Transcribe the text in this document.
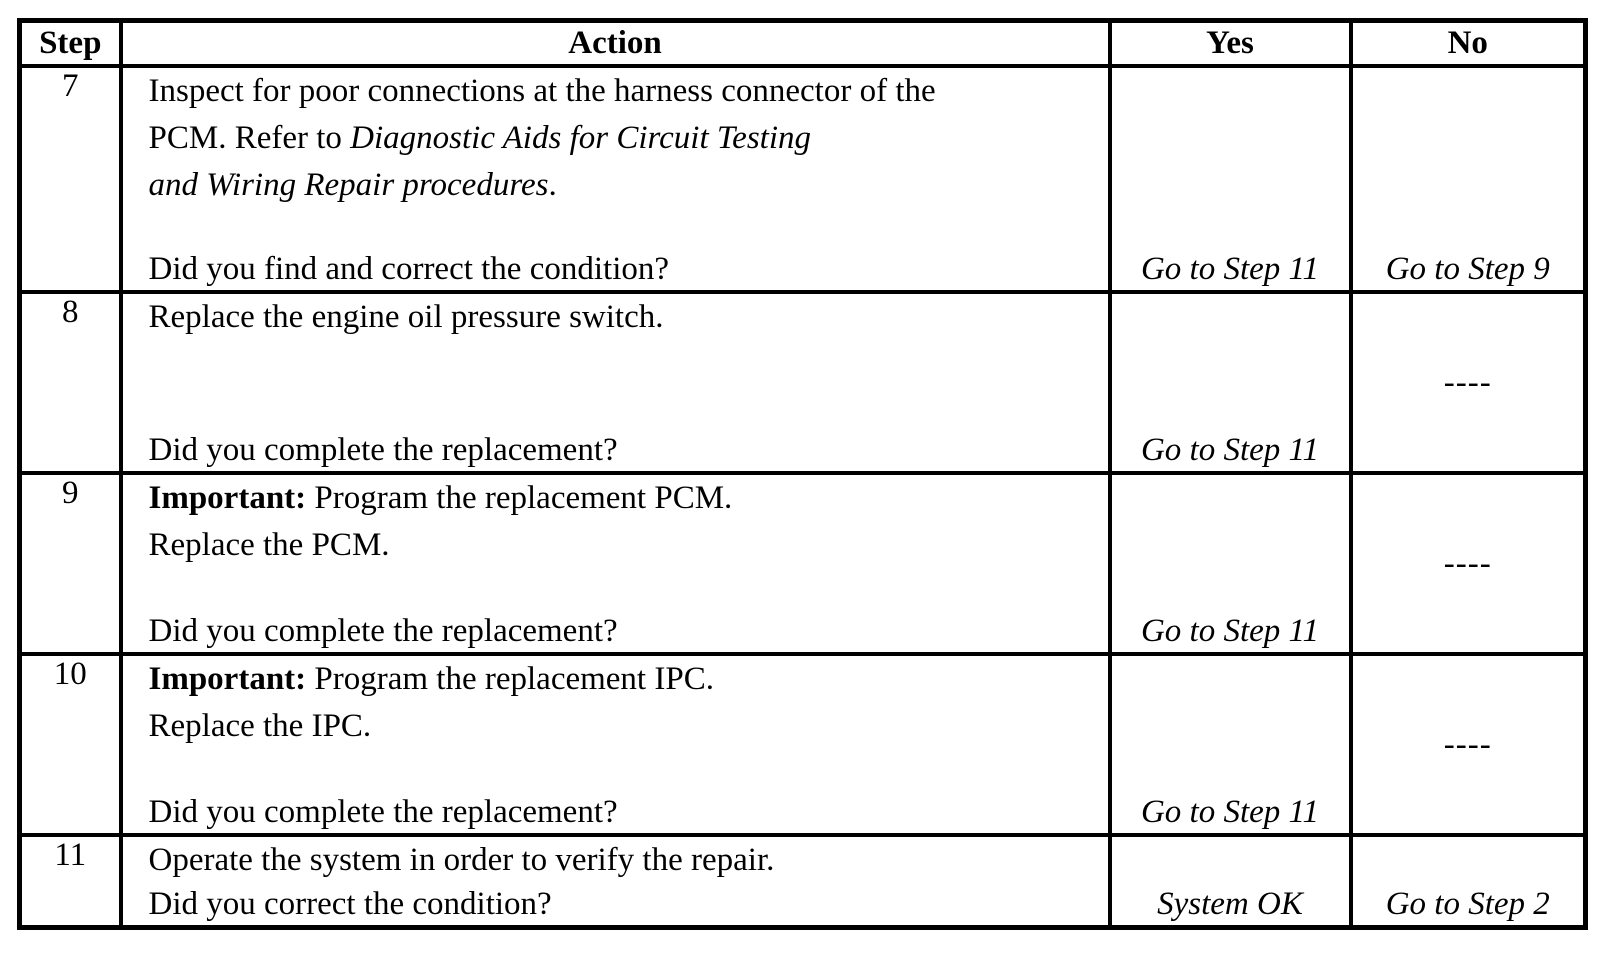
Step	Action	Yes	No
7	Inspect for poor connections at the harness connector of the
PCM. Refer to Diagnostic Aids for Circuit Testing
and Wiring Repair procedures.
Did you find and correct the condition?	Go to Step 11	Go to Step 9

8	Replace the engine oil pressure switch.
Did you complete the replacement?	Go to Step 11	----

9	Important: Program the replacement PCM.
Replace the PCM.
Did you complete the replacement?	Go to Step 11	----

10	Important: Program the replacement IPC.
Replace the IPC.
Did you complete the replacement?	Go to Step 11	----

11	Operate the system in order to verify the repair.
Did you correct the condition?	System OK	Go to Step 2
